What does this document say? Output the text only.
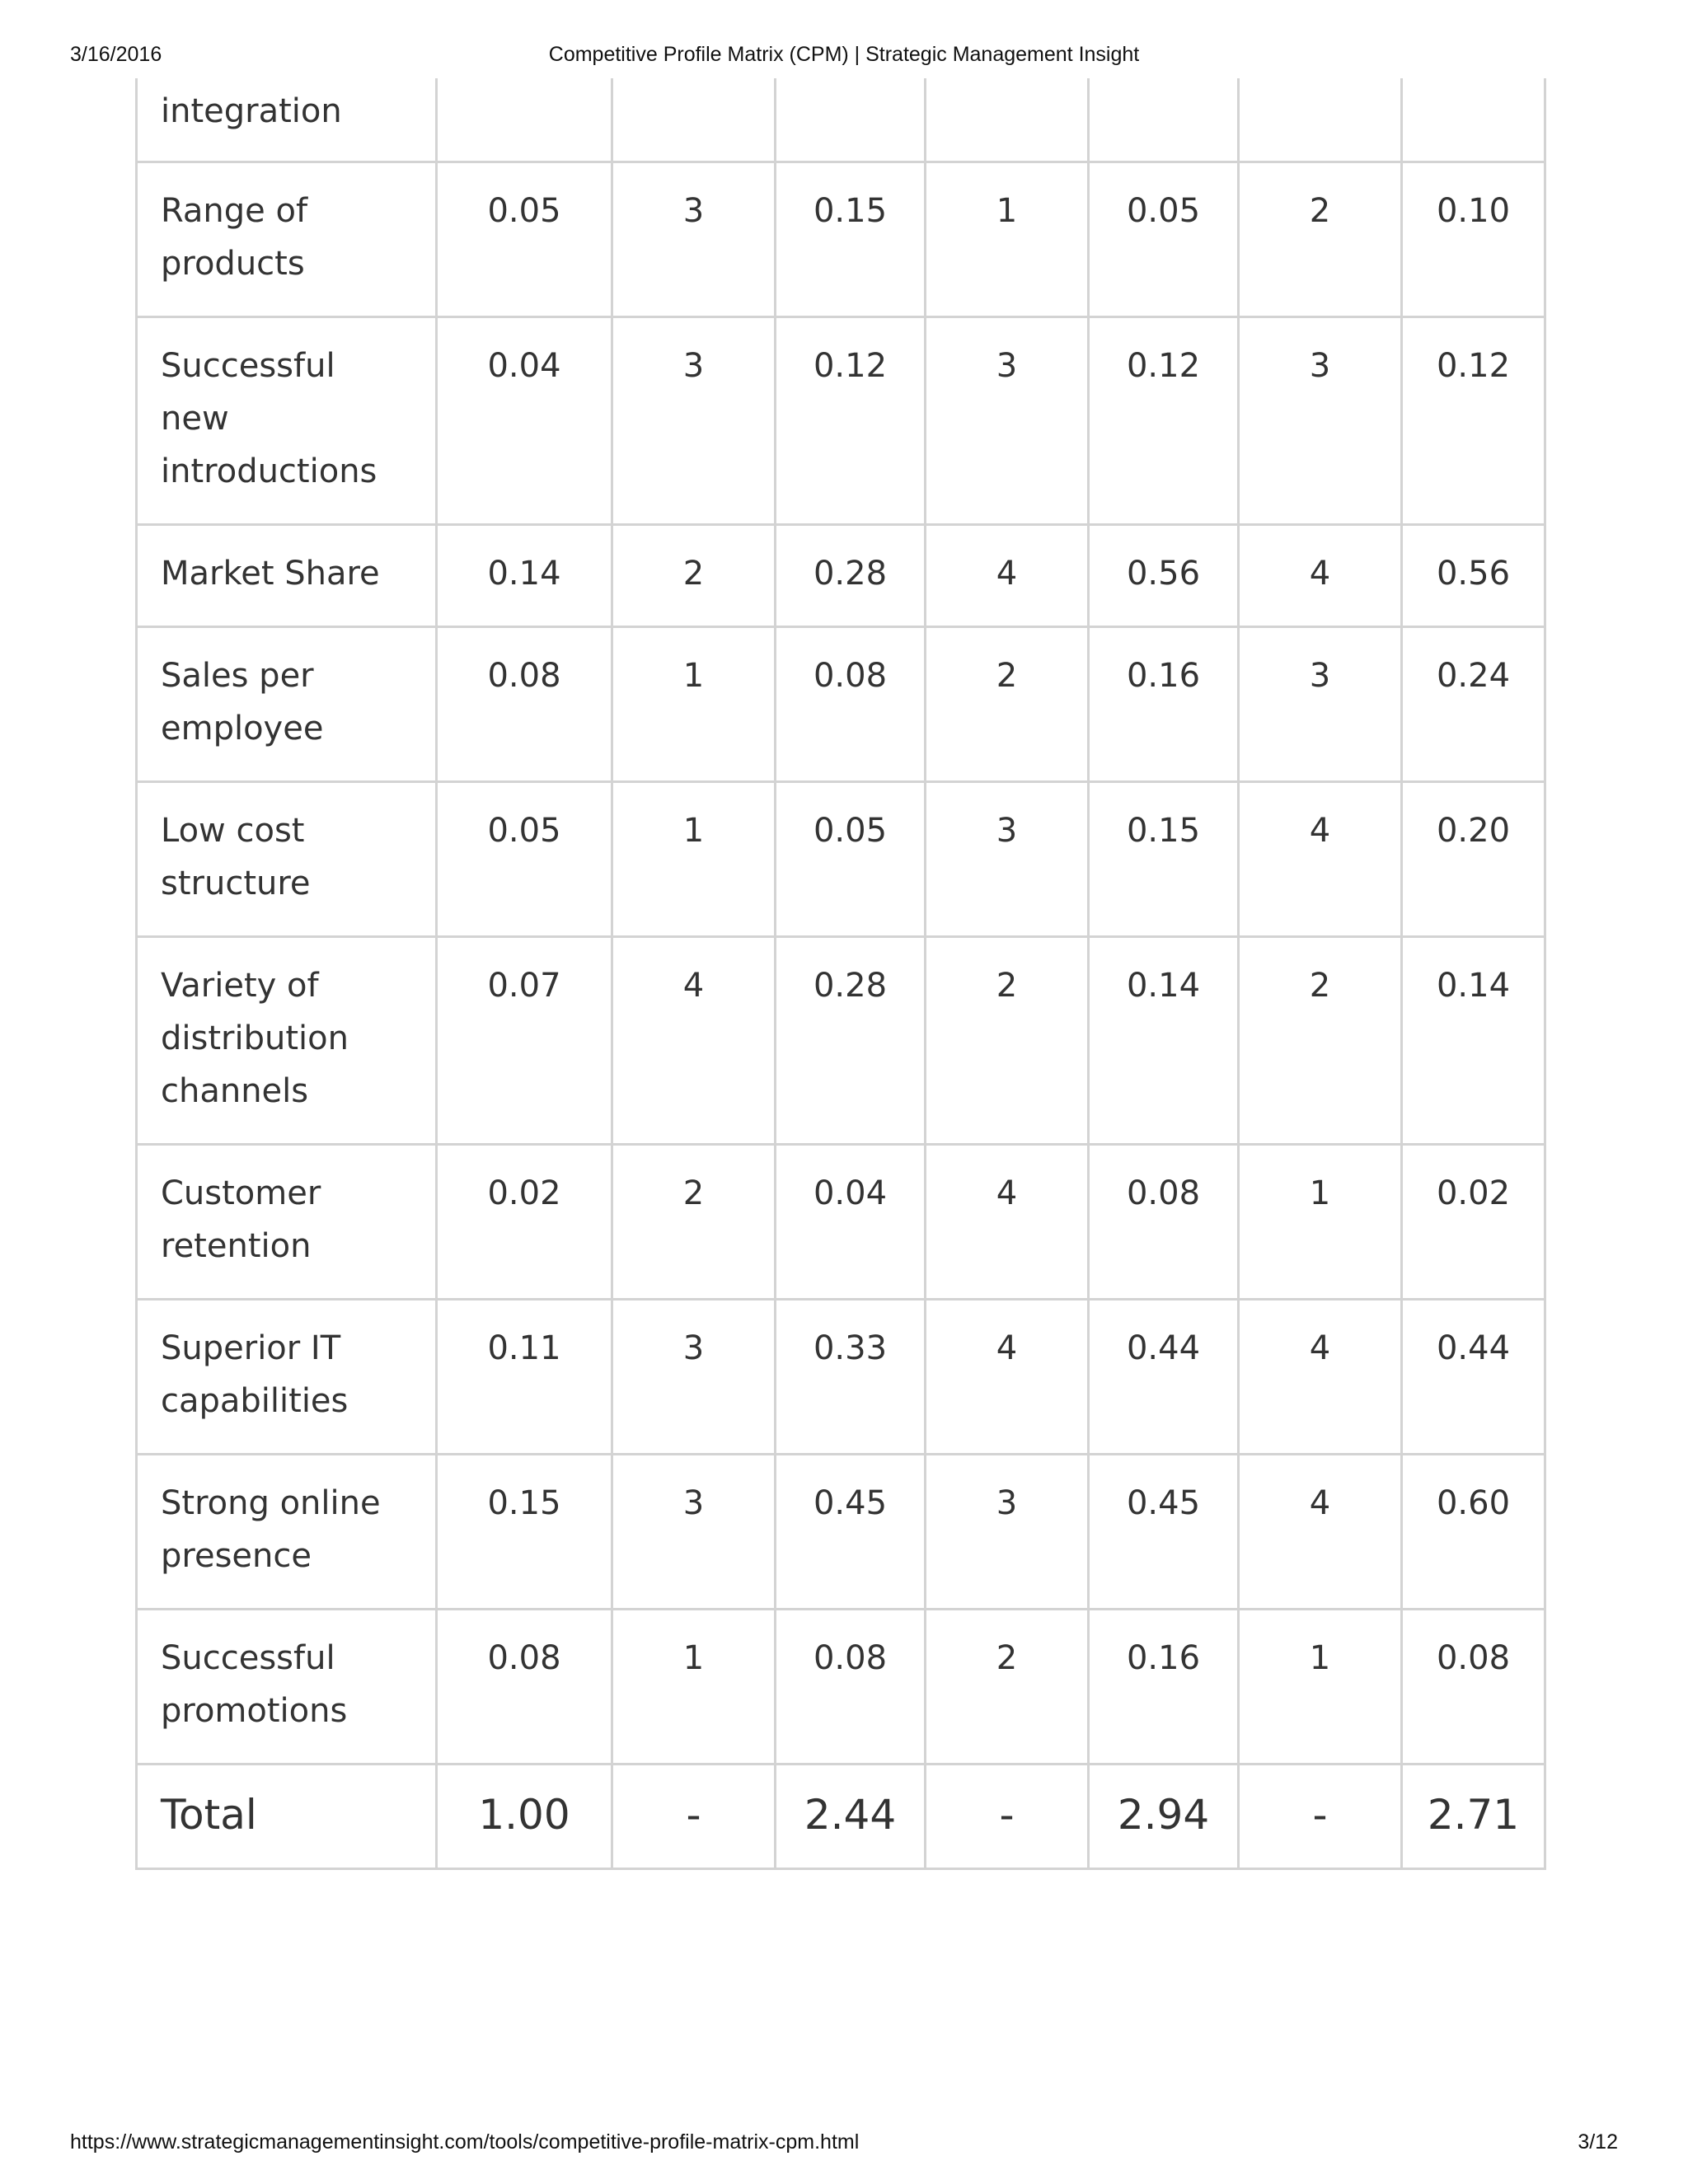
Competitive Profile Matrix (CPM) | Strategic Management Insight
3/16/2016
integration							
Range of products	0.05	3	0.15	1	0.05	2	0.10
Successful new introductions	0.04	3	0.12	3	0.12	3	0.12
Market Share	0.14	2	0.28	4	0.56	4	0.56
Sales per employee	0.08	1	0.08	2	0.16	3	0.24
Low cost structure	0.05	1	0.05	3	0.15	4	0.20
Variety of distribution channels	0.07	4	0.28	2	0.14	2	0.14
Customer retention	0.02	2	0.04	4	0.08	1	0.02
Superior IT capabilities	0.11	3	0.33	4	0.44	4	0.44
Strong online presence	0.15	3	0.45	3	0.45	4	0.60
Successful promotions	0.08	1	0.08	2	0.16	1	0.08
Total	1.00	-	2.44	-	2.94	-	2.71
https://www.strategicmanagementinsight.com/tools/competitive-profile-matrix-cpm.html	3/12
